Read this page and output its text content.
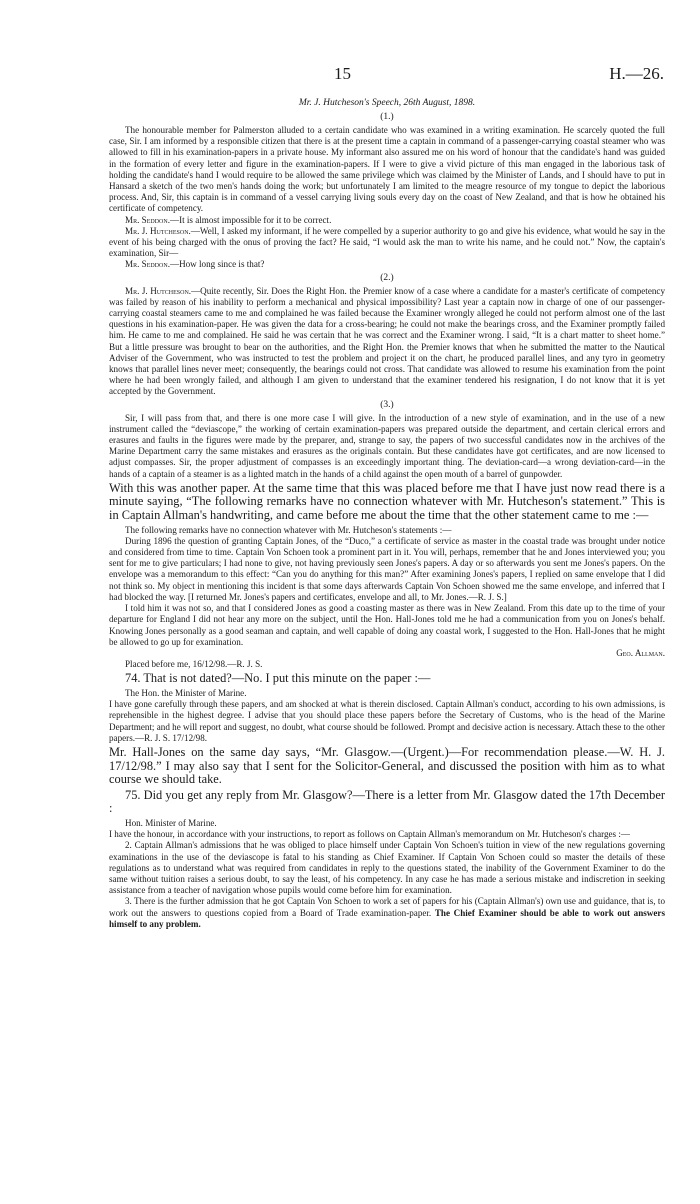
15	H.—26.
Mr. J. Hutcheson's Speech, 26th August, 1898.
(1.)

The honourable member for Palmerston alluded to a certain candidate who was examined in a writing examination. He scarcely quoted the full case, Sir. I am informed by a responsible citizen that there is at the present time a captain in command of a passenger-carrying coastal steamer who was allowed to fill in his examination-papers in a private house. My informant also assured me on his word of honour that the candidate's hand was guided in the formation of every letter and figure in the examination-papers. If I were to give a vivid picture of this man engaged in the laborious task of holding the candidate's hand I would require to be allowed the same privilege which was claimed by the Minister of Lands, and I should have to put in Hansard a sketch of the two men's hands doing the work; but unfortunately I am limited to the meagre resource of my tongue to depict the laborious process. And, Sir, this captain is in command of a vessel carrying living souls every day on the coast of New Zealand, and that is how he obtained his certificate of competency.

Mr. Seddon.—It is almost impossible for it to be correct.

Mr. J. Hutcheson.—Well, I asked my informant, if he were compelled by a superior authority to go and give his evidence, what would he say in the event of his being charged with the onus of proving the fact? He said, “I would ask the man to write his name, and he could not.” Now, the captain's examination, Sir—

Mr. Seddon.—How long since is that?

(2.)

Mr. J. Hutcheson.—Quite recently, Sir. Does the Right Hon. the Premier know of a case where a candidate for a master's certificate of competency was failed by reason of his inability to perform a mechanical and physical impossibility? Last year a captain now in charge of one of our passenger-carrying coastal steamers came to me and complained he was failed because the Examiner wrongly alleged he could not perform almost one of the last questions in his examination-paper. He was given the data for a cross-bearing; he could not make the bearings cross, and the Examiner promptly failed him. He came to me and complained. He said he was certain that he was correct and the Examiner wrong. I said, “It is a chart matter to sheet home.” But a little pressure was brought to bear on the authorities, and the Right Hon. the Premier knows that when he submitted the matter to the Nautical Adviser of the Government, who was instructed to test the problem and project it on the chart, he produced parallel lines, and any tyro in geometry knows that parallel lines never meet; consequently, the bearings could not cross. That candidate was allowed to resume his examination from the point where he had been wrongly failed, and although I am given to understand that the examiner tendered his resignation, I do not know that it is yet accepted by the Government.

(3.)

Sir, I will pass from that, and there is one more case I will give. In the introduction of a new style of examination, and in the use of a new instrument called the “deviascope,” the working of certain examination-papers was prepared outside the department, and certain clerical errors and erasures and faults in the figures were made by the preparer, and, strange to say, the papers of two successful candidates now in the archives of the Marine Department carry the same mistakes and erasures as the originals contain. But these candidates have got certificates, and are now licensed to adjust compasses. Sir, the proper adjustment of compasses is an exceedingly important thing. The deviation-card—a wrong deviation-card—in the hands of a captain of a steamer is as a lighted match in the hands of a child against the open mouth of a barrel of gunpowder.

With this was another paper. At the same time that this was placed before me that I have just now read there is a minute saying, “The following remarks have no connection whatever with Mr. Hutcheson's statement.” This is in Captain Allman's handwriting, and came before me about the time that the other statement came to me :—

The following remarks have no connection whatever with Mr. Hutcheson's statements :—

During 1896 the question of granting Captain Jones, of the “Duco,” a certificate of service as master in the coastal trade was brought under notice and considered from time to time. Captain Von Schoen took a prominent part in it. You will, perhaps, remember that he and Jones interviewed you; you sent for me to give particulars; I had none to give, not having previously seen Jones's papers. A day or so afterwards you sent me Jones's papers. On the envelope was a memorandum to this effect: “Can you do anything for this man?” After examining Jones's papers, I replied on same envelope that I did not think so. My object in mentioning this incident is that some days afterwards Captain Von Schoen showed me the same envelope, and inferred that I had blocked the way. [I returned Mr. Jones's papers and certificates, envelope and all, to Mr. Jones.—R. J. S.]

I told him it was not so, and that I considered Jones as good a coasting master as there was in New Zealand. From this date up to the time of your departure for England I did not hear any more on the subject, until the Hon. Hall-Jones told me he had a communication from you on Jones's behalf. Knowing Jones personally as a good seaman and captain, and well capable of doing any coastal work, I suggested to the Hon. Hall-Jones that he might be allowed to go up for examination.

Geo. Allman.

Placed before me, 16/12/98.—R. J. S.

74. That is not dated?—No. I put this minute on the paper :—

The Hon. the Minister of Marine.

I have gone carefully through these papers, and am shocked at what is therein disclosed. Captain Allman's conduct, according to his own admissions, is reprehensible in the highest degree. I advise that you should place these papers before the Secretary of Customs, who is the head of the Marine Department; and he will report and suggest, no doubt, what course should be followed. Prompt and decisive action is necessary. Attach these to the other papers.—R. J. S. 17/12/98.

Mr. Hall-Jones on the same day says, “Mr. Glasgow.—(Urgent.)—For recommendation please.—W. H. J. 17/12/98.” I may also say that I sent for the Solicitor-General, and discussed the position with him as to what course we should take.

75. Did you get any reply from Mr. Glasgow?—There is a letter from Mr. Glasgow dated the 17th December :

Hon. Minister of Marine.

I have the honour, in accordance with your instructions, to report as follows on Captain Allman's memorandum on Mr. Hutcheson's charges :—

2. Captain Allman's admissions that he was obliged to place himself under Captain Von Schoen's tuition in view of the new regulations governing examinations in the use of the deviascope is fatal to his standing as Chief Examiner. If Captain Von Schoen could so master the details of these regulations as to understand what was required from candidates in reply to the questions stated, the inability of the Government Examiner to do the same without tuition raises a serious doubt, to say the least, of his competency. In any case he has made a serious mistake and indiscretion in seeking assistance from a teacher of navigation whose pupils would come before him for examination.

3. There is the further admission that he got Captain Von Schoen to work a set of papers for his (Captain Allman's) own use and guidance, that is, to work out the answers to questions copied from a Board of Trade examination-paper. The Chief Examiner should be able to work out answers himself to any problem.
